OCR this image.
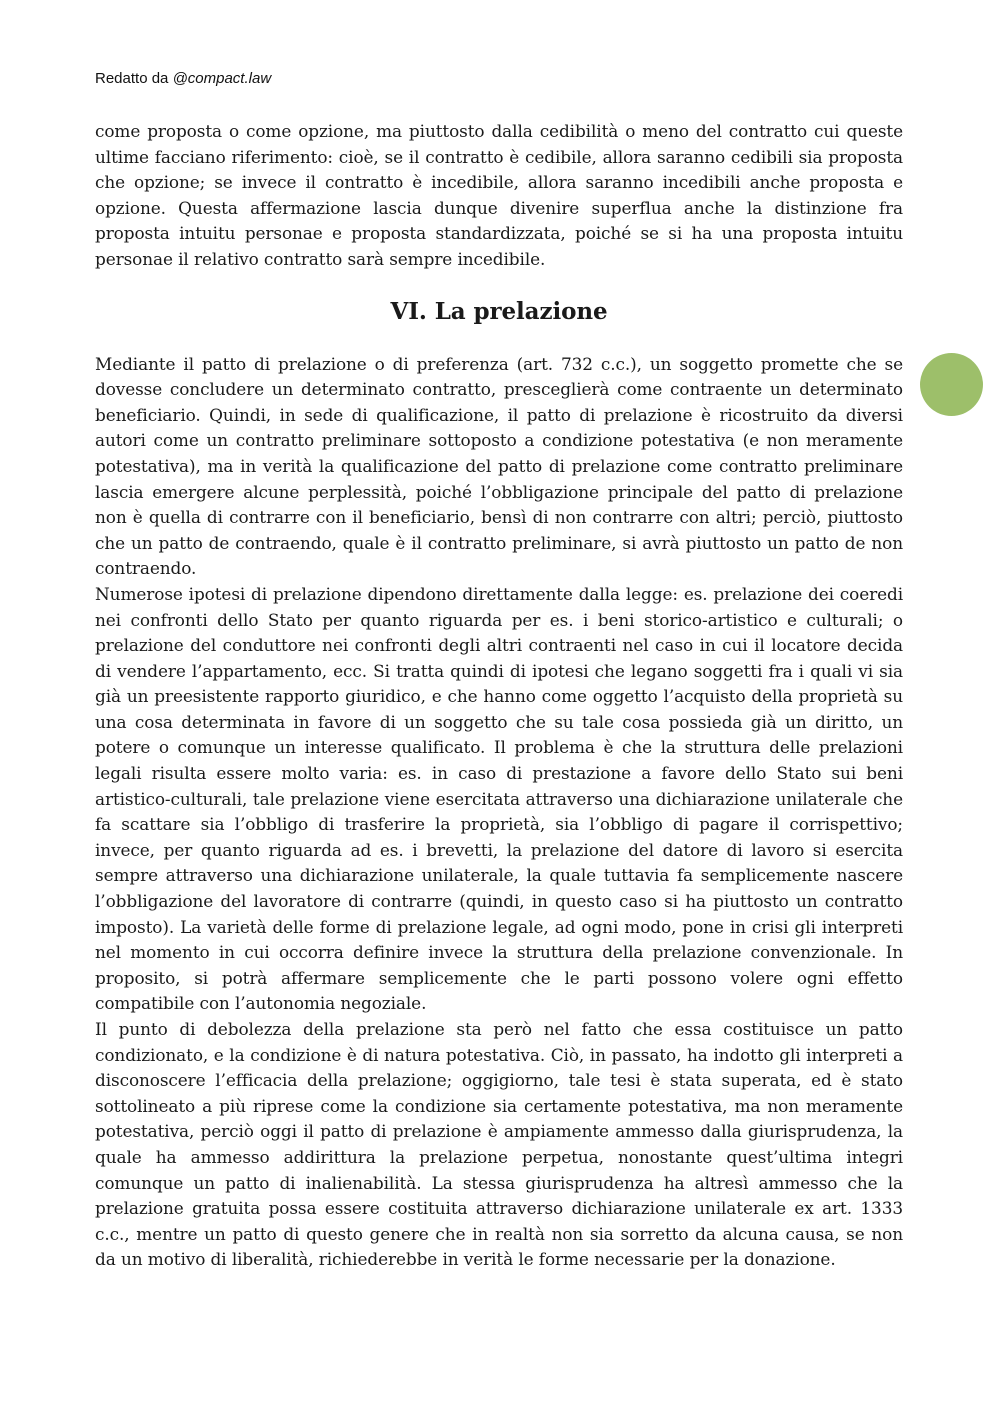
Redatto da @compact.law

come proposta o come opzione, ma piuttosto dalla cedibilità o meno del contratto cui queste ultime facciano riferimento: cioè, se il contratto è cedibile, allora saranno cedibili sia proposta che opzione; se invece il contratto è incedibile, allora saranno incedibili anche proposta e opzione. Questa affermazione lascia dunque divenire superflua anche la distinzione fra proposta intuitu personae e proposta standardizzata, poiché se si ha una proposta intuitu personae il relativo contratto sarà sempre incedibile.

VI. La prelazione

Mediante il patto di prelazione o di preferenza (art. 732 c.c.), un soggetto promette che se dovesse concludere un determinato contratto, presceglierà come contraente un determinato beneficiario. Quindi, in sede di qualificazione, il patto di prelazione è ricostruito da diversi autori come un contratto preliminare sottoposto a condizione potestativa (e non meramente potestativa), ma in verità la qualificazione del patto di prelazione come contratto preliminare lascia emergere alcune perplessità, poiché l’obbligazione principale del patto di prelazione non è quella di contrarre con il beneficiario, bensì di non contrarre con altri; perciò, piuttosto che un patto de contraendo, quale è il contratto preliminare, si avrà piuttosto un patto de non contraendo.

Numerose ipotesi di prelazione dipendono direttamente dalla legge: es. prelazione dei coeredi nei confronti dello Stato per quanto riguarda per es. i beni storico-artistico e culturali; o prelazione del conduttore nei confronti degli altri contraenti nel caso in cui il locatore decida di vendere l’appartamento, ecc. Si tratta quindi di ipotesi che legano soggetti fra i quali vi sia già un preesistente rapporto giuridico, e che hanno come oggetto l’acquisto della proprietà su una cosa determinata in favore di un soggetto che su tale cosa possieda già un diritto, un potere o comunque un interesse qualificato. Il problema è che la struttura delle prelazioni legali risulta essere molto varia: es. in caso di prestazione a favore dello Stato sui beni artistico-culturali, tale prelazione viene esercitata attraverso una dichiarazione unilaterale che fa scattare sia l’obbligo di trasferire la proprietà, sia l’obbligo di pagare il corrispettivo; invece, per quanto riguarda ad es. i brevetti, la prelazione del datore di lavoro si esercita sempre attraverso una dichiarazione unilaterale, la quale tuttavia fa semplicemente nascere l’obbligazione del lavoratore di contrarre (quindi, in questo caso si ha piuttosto un contratto imposto). La varietà delle forme di prelazione legale, ad ogni modo, pone in crisi gli interpreti nel momento in cui occorra definire invece la struttura della prelazione convenzionale. In proposito, si potrà affermare semplicemente che le parti possono volere ogni effetto compatibile con l’autonomia negoziale.

Il punto di debolezza della prelazione sta però nel fatto che essa costituisce un patto condizionato, e la condizione è di natura potestativa. Ciò, in passato, ha indotto gli interpreti a disconoscere l’efficacia della prelazione; oggigiorno, tale tesi è stata superata, ed è stato sottolineato a più riprese come la condizione sia certamente potestativa, ma non meramente potestativa, perciò oggi il patto di prelazione è ampiamente ammesso dalla giurisprudenza, la quale ha ammesso addirittura la prelazione perpetua, nonostante quest’ultima integri comunque un patto di inalienabilità. La stessa giurisprudenza ha altresì ammesso che la prelazione gratuita possa essere costituita attraverso dichiarazione unilaterale ex art. 1333 c.c., mentre un patto di questo genere che in realtà non sia sorretto da alcuna causa, se non da un motivo di liberalità, richiederebbe in verità le forme necessarie per la donazione.
